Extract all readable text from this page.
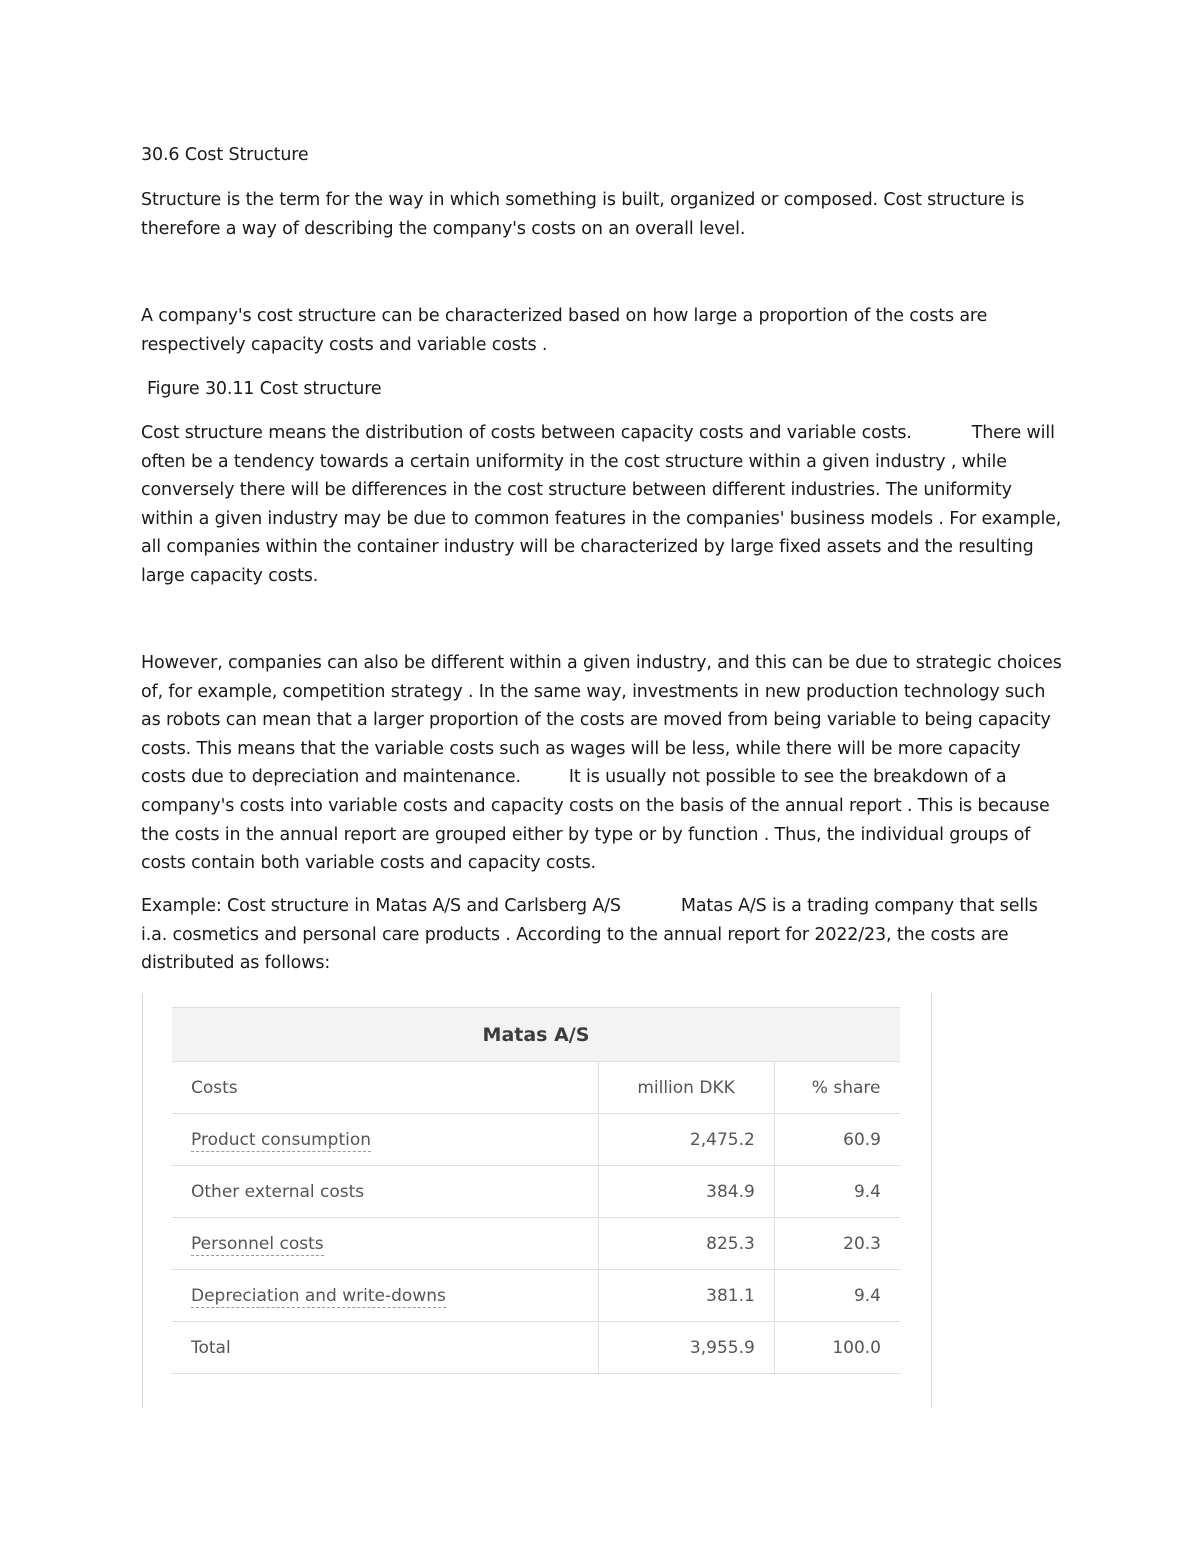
30.6 Cost Structure
Structure is the term for the way in which something is built, organized or composed. Cost structure is therefore a way of describing the company's costs on an overall level.
A company's cost structure can be characterized based on how large a proportion of the costs are respectively capacity costs and variable costs .
Figure 30.11 Cost structure
Cost structure means the distribution of costs between capacity costs and variable costs.	There will often be a tendency towards a certain uniformity in the cost structure within a given industry , while conversely there will be differences in the cost structure between different industries. The uniformity within a given industry may be due to common features in the companies' business models . For example, all companies within the container industry will be characterized by large fixed assets and the resulting large capacity costs.
However, companies can also be different within a given industry, and this can be due to strategic choices of, for example, competition strategy . In the same way, investments in new production technology such as robots can mean that a larger proportion of the costs are moved from being variable to being capacity costs. This means that the variable costs such as wages will be less, while there will be more capacity costs due to depreciation and maintenance.	It is usually not possible to see the breakdown of a company's costs into variable costs and capacity costs on the basis of the annual report . This is because the costs in the annual report are grouped either by type or by function . Thus, the individual groups of costs contain both variable costs and capacity costs.
Example: Cost structure in Matas A/S and Carlsberg A/S	Matas A/S is a trading company that sells i.a. cosmetics and personal care products . According to the annual report for 2022/23, the costs are distributed as follows:
Matas A/S		
Costs	million DKK	% share
Product consumption	2,475.2	60.9
Other external costs	384.9	9.4
Personnel costs	825.3	20.3
Depreciation and write-downs	381.1	9.4
Total	3,955.9	100.0
